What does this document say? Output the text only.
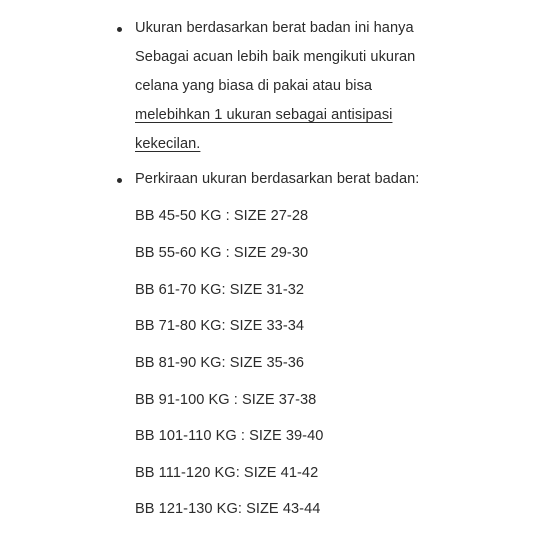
Ukuran berdasarkan berat badan ini hanya
Sebagai acuan lebih baik mengikuti ukuran
celana yang biasa di pakai atau bisa
melebihkan 1 ukuran sebagai antisipasi
kekecilan.
Perkiraan ukuran berdasarkan berat badan:
BB 45-50 KG : SIZE 27-28
BB 55-60 KG : SIZE 29-30
BB 61-70 KG: SIZE 31-32
BB 71-80 KG: SIZE 33-34
BB 81-90 KG: SIZE 35-36
BB 91-100 KG : SIZE 37-38
BB 101-110 KG : SIZE 39-40
BB 111-120 KG: SIZE 41-42
BB 121-130 KG: SIZE 43-44
